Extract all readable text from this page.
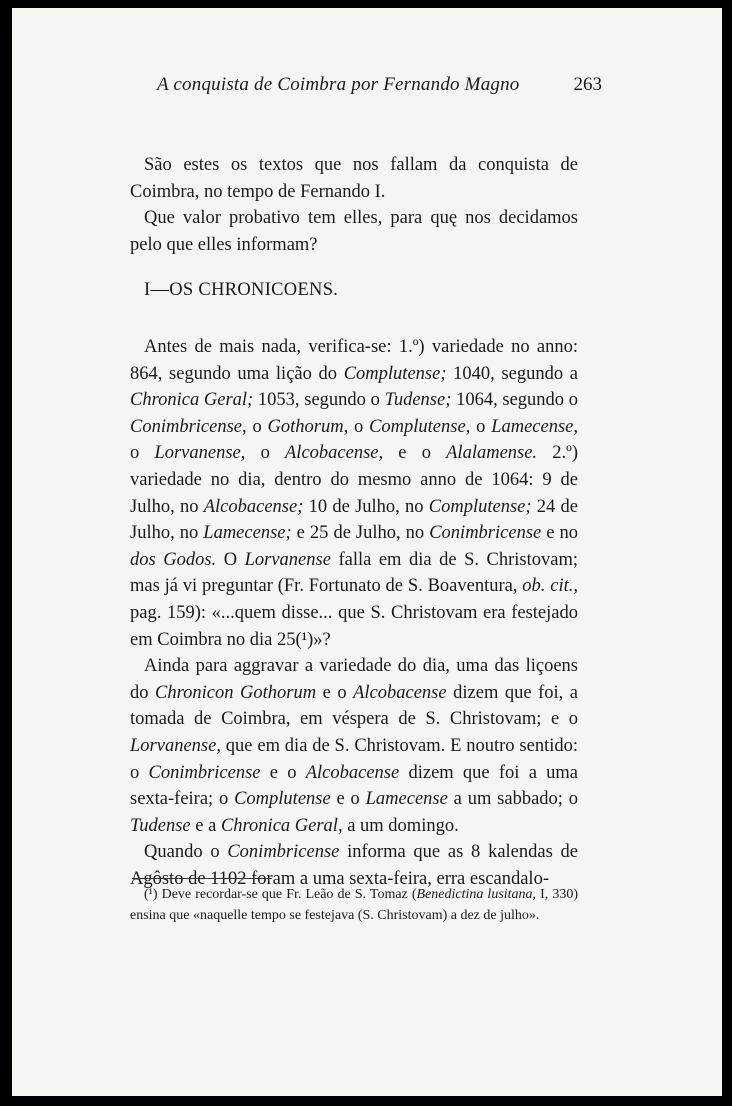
A conquista de Coimbra por Fernando Magno	263

São estes os textos que nos fallam da conquista de Coimbra, no tempo de Fernando I.

Que valor probativo tem elles, para quę nos decidamos pelo que elles informam?

I—OS CHRONICOENS.

Antes de mais nada, verifica-se: 1.º) variedade no anno: 864, segundo uma lição do Complutense; 1040, segundo a Chronica Geral; 1053, segundo o Tudense; 1064, segundo o Conimbricense, o Gothorum, o Complutense, o Lamecense, o Lorvanense, o Alcobacense, e o Alalamense. 2.º) variedade no dia, dentro do mesmo anno de 1064: 9 de Julho, no Alcobacense; 10 de Julho, no Complutense; 24 de Julho, no Lamecense; e 25 de Julho, no Conimbricense e no dos Godos. O Lorvanense falla em dia de S. Christovam; mas já vi preguntar (Fr. Fortunato de S. Boaventura, ob. cit., pag. 159): «...quem disse... que S. Christovam era festejado em Coimbra no dia 25(¹)»?

Ainda para aggravar a variedade do dia, uma das liçoens do Chronicon Gothorum e o Alcobacense dizem que foi, a tomada de Coimbra, em véspera de S. Christovam; e o Lorvanense, que em dia de S. Christovam. E noutro sentido: o Conimbricense e o Alcobacense dizem que foi a uma sexta-feira; o Complutense e o Lamecense a um sabbado; o Tudense e a Chronica Geral, a um domingo.

Quando o Conimbricense informa que as 8 kalendas de Agôsto de 1102 foram a uma sexta-feira, erra escandalo-

(¹) Deve recordar-se que Fr. Leão de S. Tomaz (Benedictina lusitana, I, 330) ensina que «naquelle tempo se festejava (S. Christovam) a dez de julho».
